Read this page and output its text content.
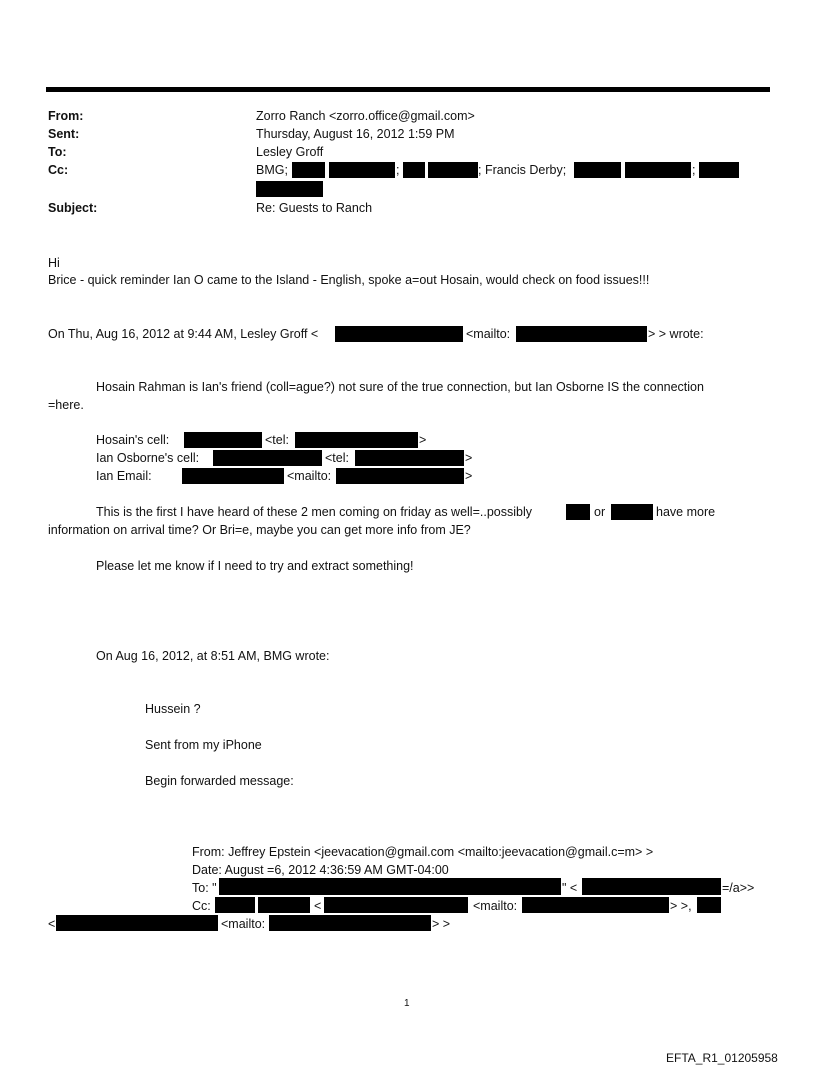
From:	Zorro Ranch <zorro.office@gmail.com>
Sent:	Thursday, August 16, 2012 1:59 PM
To:	Lesley Groff
Cc:	BMG;	;	; Francis Derby;	;
Subject:	Re: Guests to Ranch
Hi
Brice - quick reminder Ian O came to the Island - English, spoke a=out Hosain, would check on food issues!!!
On Thu, Aug 16, 2012 at 9:44 AM, Lesley Groff <	<mailto:	> > wrote:
Hosain Rahman is Ian's friend (coll=ague?) not sure of the true connection, but Ian Osborne IS the connection
=here.
Hosain's cell:	<tel:	>
Ian Osborne's cell:	<tel:	>
Ian Email:	<mailto:	>
This is the first I have heard of these 2 men coming on friday as well=..possibly	or	have more
information on arrival time? Or Bri=e, maybe you can get more info from JE?
Please let me know if I need to try and extract something!
On Aug 16, 2012, at 8:51 AM, BMG wrote:
Hussein ?
Sent from my iPhone
Begin forwarded message:
From: Jeffrey Epstein <jeevacation@gmail.com <mailto:jeevacation@gmail.c=m> >
Date: August =6, 2012 4:36:59 AM GMT-04:00
To: "	" <	=/a>>
Cc:	<	<mailto:	> >,
<	<mailto:	> >
1
EFTA_R1_01205958
